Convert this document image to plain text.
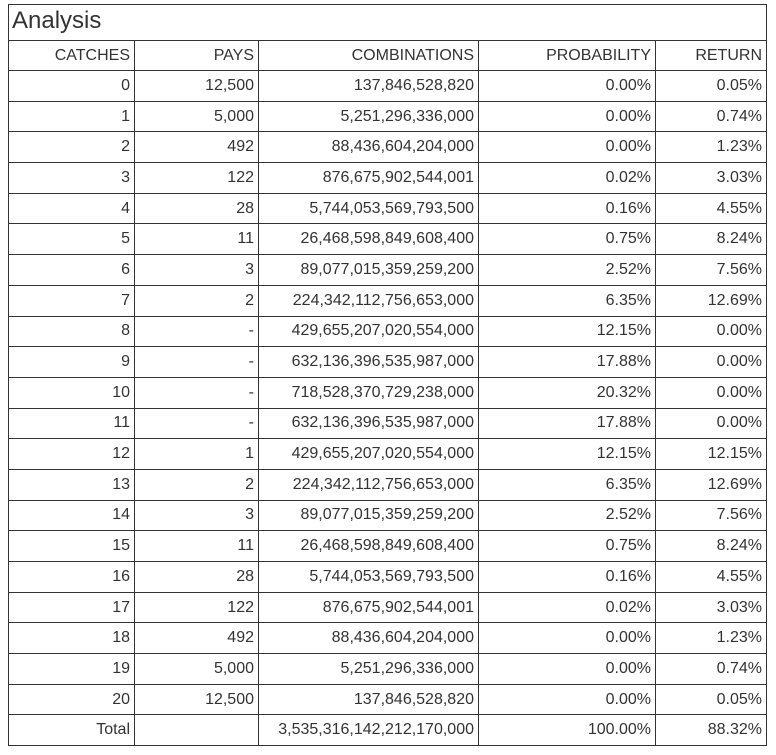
Analysis
CATCHES	PAYS	COMBINATIONS	PROBABILITY	RETURN
0	12,500	137,846,528,820	0.00%	0.05%
1	5,000	5,251,296,336,000	0.00%	0.74%
2	492	88,436,604,204,000	0.00%	1.23%
3	122	876,675,902,544,001	0.02%	3.03%
4	28	5,744,053,569,793,500	0.16%	4.55%
5	11	26,468,598,849,608,400	0.75%	8.24%
6	3	89,077,015,359,259,200	2.52%	7.56%
7	2	224,342,112,756,653,000	6.35%	12.69%
8	-	429,655,207,020,554,000	12.15%	0.00%
9	-	632,136,396,535,987,000	17.88%	0.00%
10	-	718,528,370,729,238,000	20.32%	0.00%
11	-	632,136,396,535,987,000	17.88%	0.00%
12	1	429,655,207,020,554,000	12.15%	12.15%
13	2	224,342,112,756,653,000	6.35%	12.69%
14	3	89,077,015,359,259,200	2.52%	7.56%
15	11	26,468,598,849,608,400	0.75%	8.24%
16	28	5,744,053,569,793,500	0.16%	4.55%
17	122	876,675,902,544,001	0.02%	3.03%
18	492	88,436,604,204,000	0.00%	1.23%
19	5,000	5,251,296,336,000	0.00%	0.74%
20	12,500	137,846,528,820	0.00%	0.05%
Total		3,535,316,142,212,170,000	100.00%	88.32%
